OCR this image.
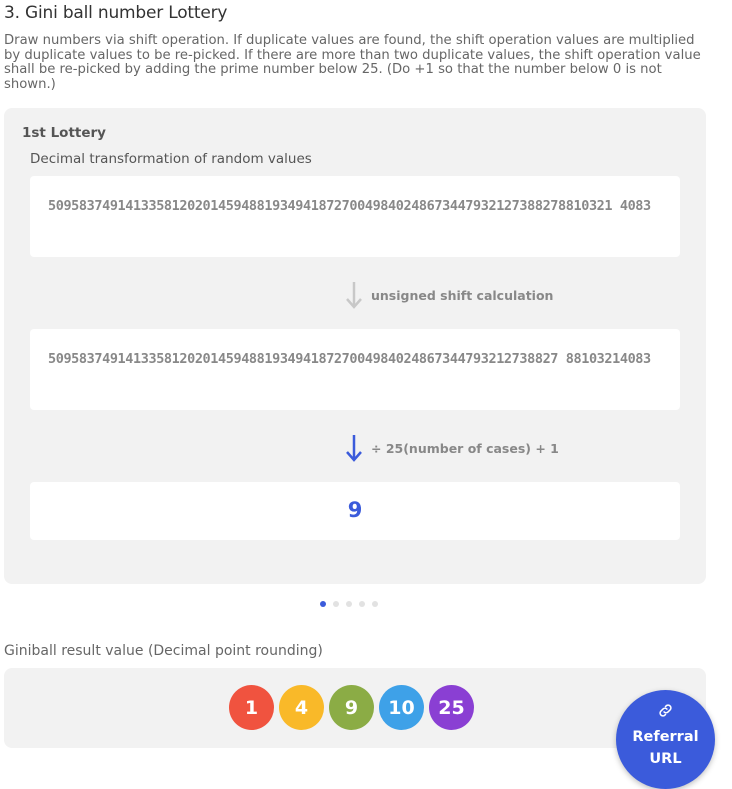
3. Gini ball number Lottery
Draw numbers via shift operation. If duplicate values are found, the shift operation values are multiplied by duplicate values to be re-picked. If there are more than two duplicate values, the shift operation value shall be re-picked by adding the prime number below 25. (Do +1 so that the number below 0 is not shown.)
1st Lottery
Decimal transformation of random values
5095837491413358120201459488193494187270049840248673447932127388278810321 4083
unsigned shift calculation
509583749141335812020145948819349418727004984024867344793212738827 88103214083
÷ 25(number of cases) + 1
9
Giniball result value (Decimal point rounding)
1	4	9	10	25
Referral
URL
